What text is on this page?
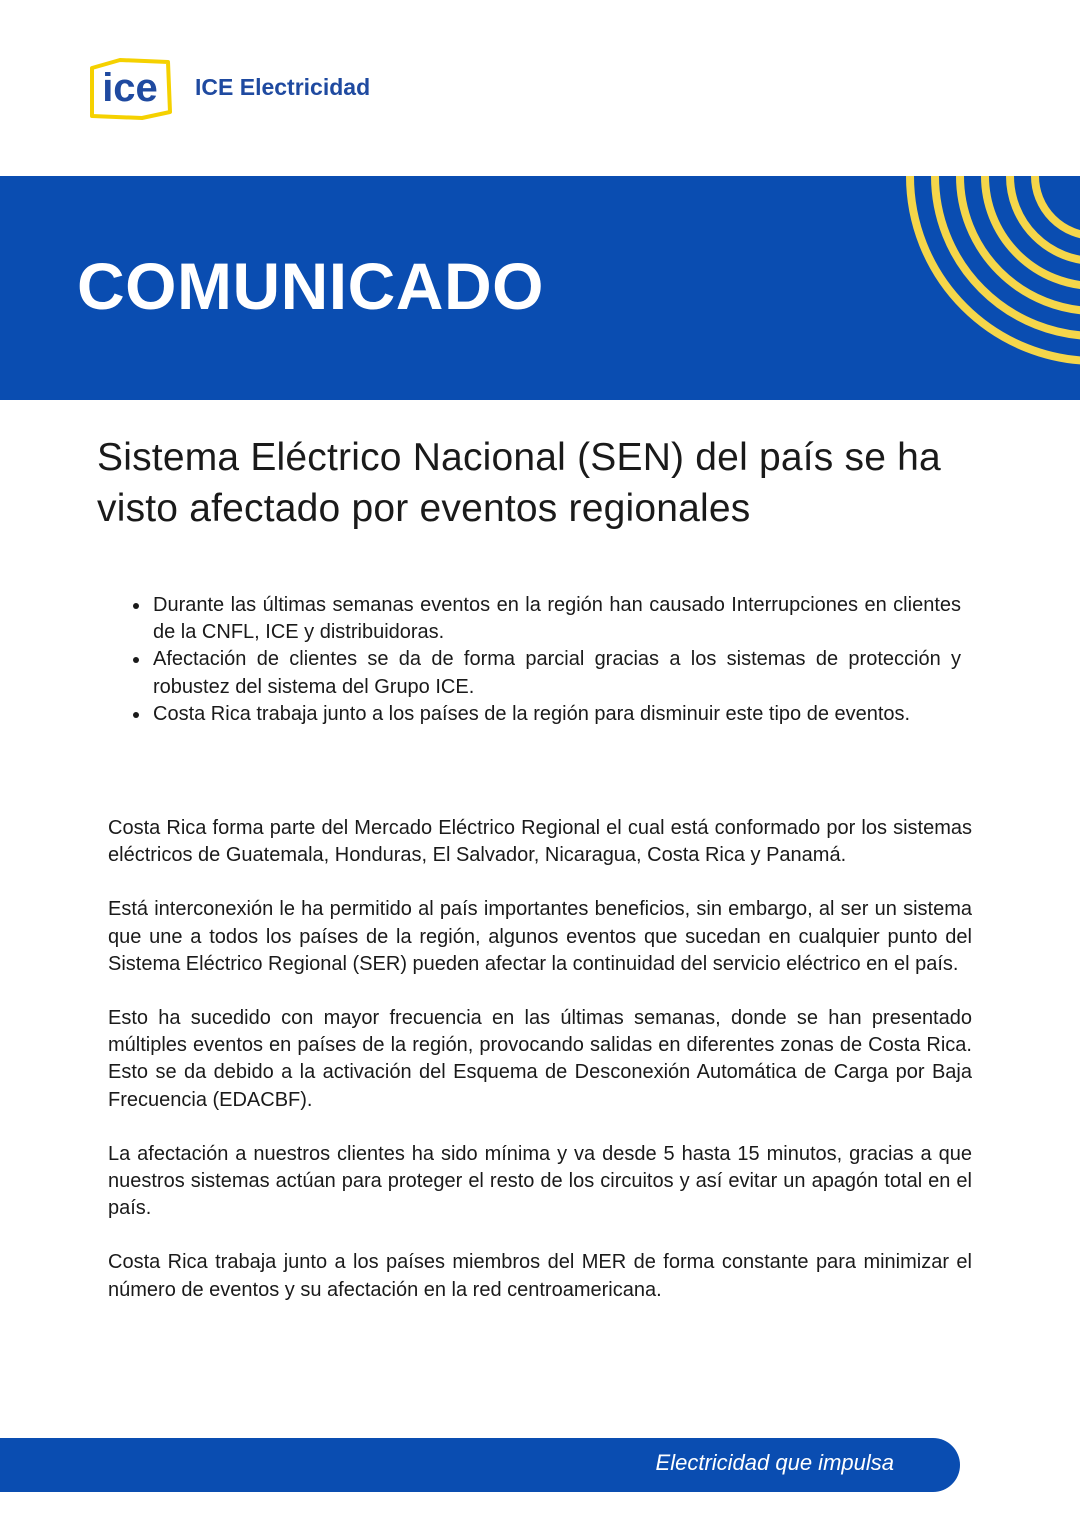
ice ICE Electricidad
COMUNICADO
Sistema Eléctrico Nacional (SEN) del país se ha visto afectado por eventos regionales
Durante las últimas semanas eventos en la región han causado Interrupciones en clientes de la CNFL, ICE y distribuidoras.
Afectación de clientes se da de forma parcial gracias a los sistemas de protección y robustez del sistema del Grupo ICE.
Costa Rica trabaja junto a los países de la región para disminuir este tipo de eventos.

Costa Rica forma parte del Mercado Eléctrico Regional el cual está conformado por los sistemas eléctricos de Guatemala, Honduras, El Salvador, Nicaragua, Costa Rica y Panamá.

Está interconexión le ha permitido al país importantes beneficios, sin embargo, al ser un sistema que une a todos los países de la región, algunos eventos que sucedan en cualquier punto del Sistema Eléctrico Regional (SER) pueden afectar la continuidad del servicio eléctrico en el país.

Esto ha sucedido con mayor frecuencia en las últimas semanas, donde se han presentado múltiples eventos en países de la región, provocando salidas en diferentes zonas de Costa Rica. Esto se da debido a la activación del Esquema de Desconexión Automática de Carga por Baja Frecuencia (EDACBF).

La afectación a nuestros clientes ha sido mínima y va desde 5 hasta 15 minutos, gracias a que nuestros sistemas actúan para proteger el resto de los circuitos y así evitar un apagón total en el país.

Costa Rica trabaja junto a los países miembros del MER de forma constante para minimizar el número de eventos y su afectación en la red centroamericana.

Electricidad que impulsa
